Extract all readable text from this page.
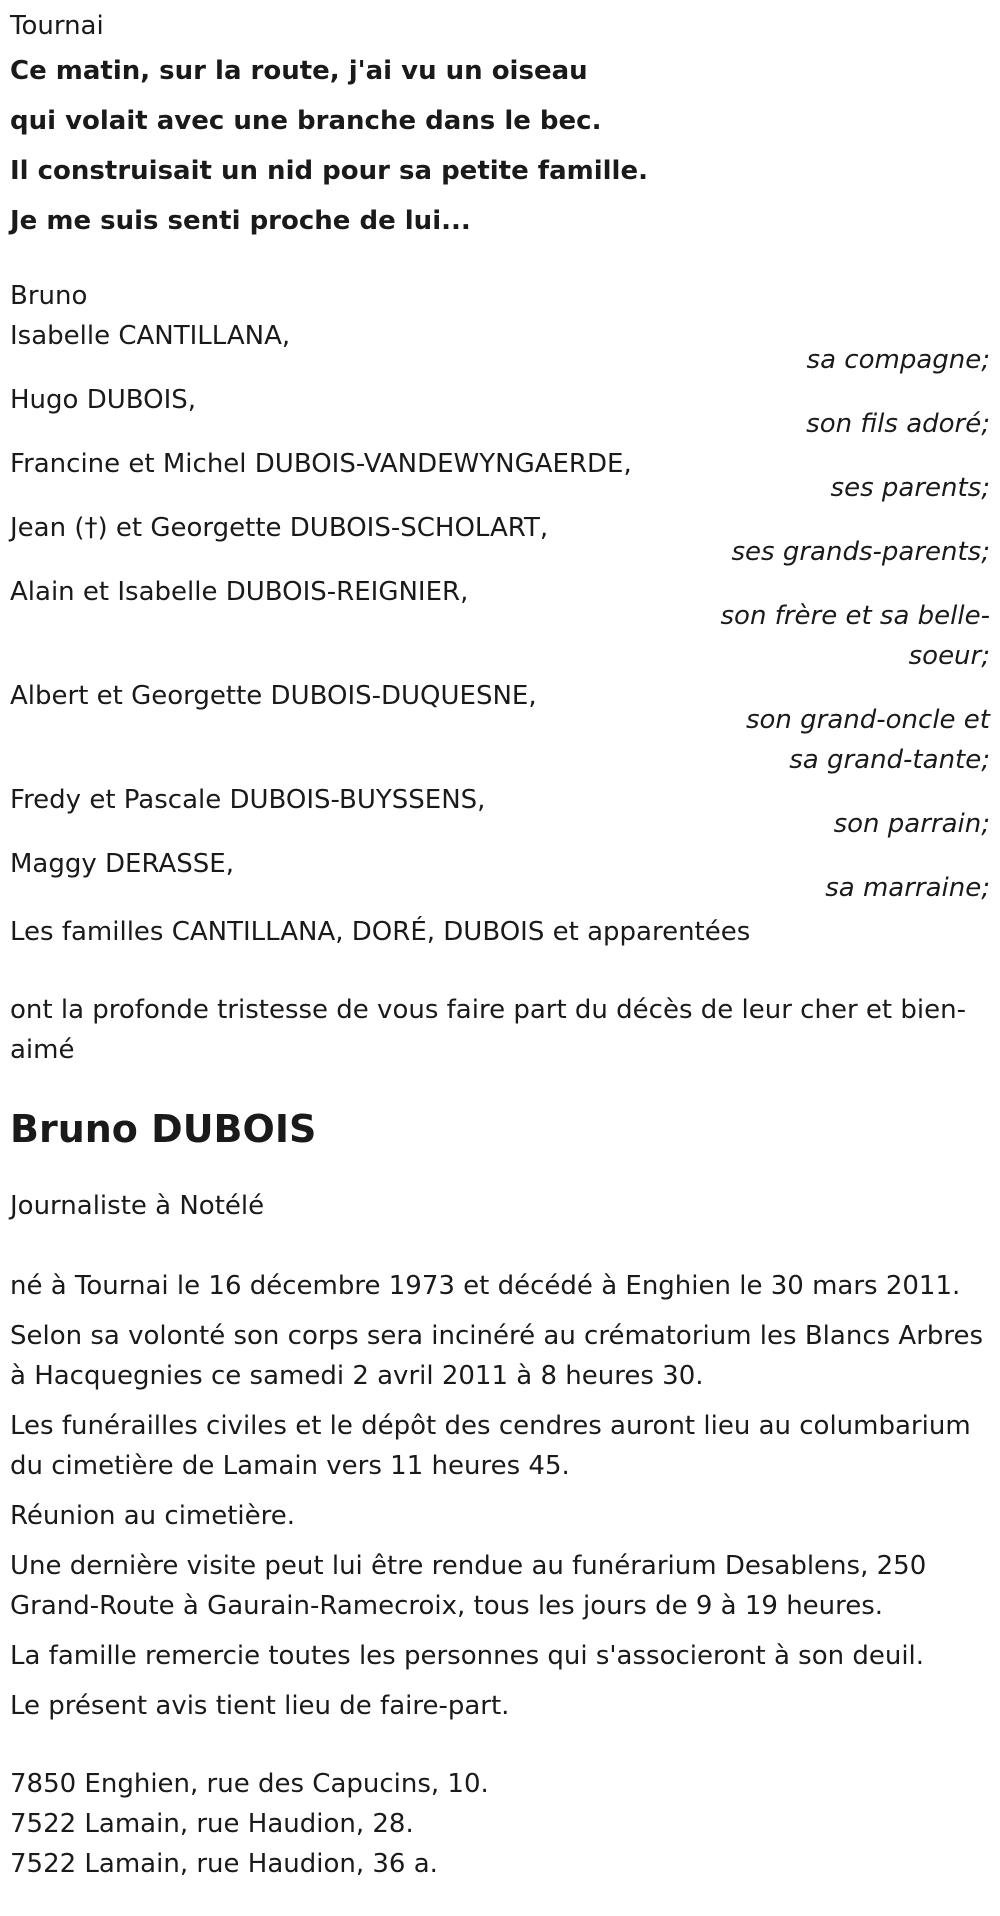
Tournai
Ce matin, sur la route, j'ai vu un oiseau
qui volait avec une branche dans le bec.
Il construisait un nid pour sa petite famille.
Je me suis senti proche de lui...
Bruno
Isabelle CANTILLANA,
sa compagne;
Hugo DUBOIS,
son fils adoré;
Francine et Michel DUBOIS-VANDEWYNGAERDE,
ses parents;
Jean (†) et Georgette DUBOIS-SCHOLART,
ses grands-parents;
Alain et Isabelle DUBOIS-REIGNIER,
son frère et sa belle-soeur;
Albert et Georgette DUBOIS-DUQUESNE,
son grand-oncle et sa grand-tante;
Fredy et Pascale DUBOIS-BUYSSENS,
son parrain;
Maggy DERASSE,
sa marraine;
Les familles CANTILLANA, DORÉ, DUBOIS et apparentées
ont la profonde tristesse de vous faire part du décès de leur cher et bien-aimé
Bruno DUBOIS
Journaliste à Notélé
né à Tournai le 16 décembre 1973 et décédé à Enghien le 30 mars 2011.
Selon sa volonté son corps sera incinéré au crématorium les Blancs Arbres à Hacquegnies ce samedi 2 avril 2011 à 8 heures 30.
Les funérailles civiles et le dépôt des cendres auront lieu au columbarium du cimetière de Lamain vers 11 heures 45.
Réunion au cimetière.
Une dernière visite peut lui être rendue au funérarium Desablens, 250 Grand-Route à Gaurain-Ramecroix, tous les jours de 9 à 19 heures.
La famille remercie toutes les personnes qui s'associeront à son deuil.
Le présent avis tient lieu de faire-part.
7850 Enghien, rue des Capucins, 10.
7522 Lamain, rue Haudion, 28.
7522 Lamain, rue Haudion, 36 a.
